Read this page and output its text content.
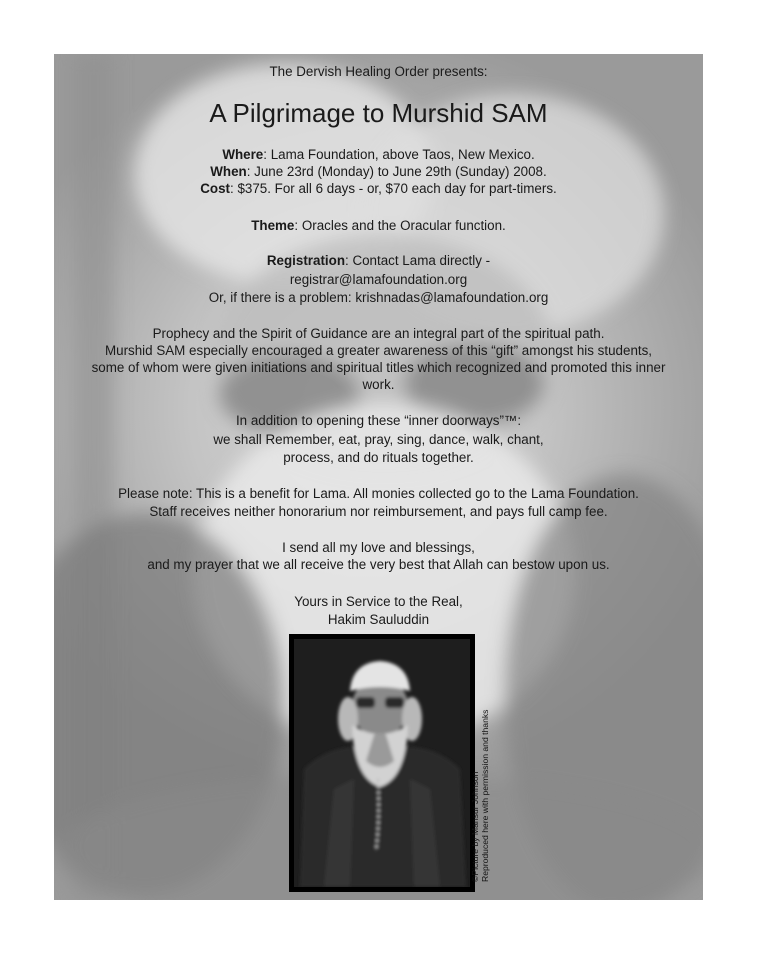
The Dervish Healing Order presents:
A Pilgrimage to Murshid SAM
Where: Lama Foundation, above Taos, New Mexico.
When: June 23rd (Monday) to June 29th (Sunday) 2008.
Cost: $375. For all 6 days - or, $70 each day for part-timers.
Theme: Oracles and the Oracular function.
Registration: Contact Lama directly -
registrar@lamafoundation.org
Or, if there is a problem: krishnadas@lamafoundation.org
Prophecy and the Spirit of Guidance are an integral part of the spiritual path.
Murshid SAM especially encouraged a greater awareness of this “gift” amongst his students,
some of whom were given initiations and spiritual titles which recognized and promoted this inner
work.
In addition to opening these “inner doorways”™:
we shall Remember, eat, pray, sing, dance, walk, chant,
process, and do rituals together.
Please note: This is a benefit for Lama. All monies collected go to the Lama Foundation.
Staff receives neither honorarium nor reimbursement, and pays full camp fee.
I send all my love and blessings,
and my prayer that we all receive the very best that Allah can bestow upon us.
Yours in Service to the Real,
Hakim Sauluddin
©Picture by Mansur Johnson Reproduced here with permission and thanks
